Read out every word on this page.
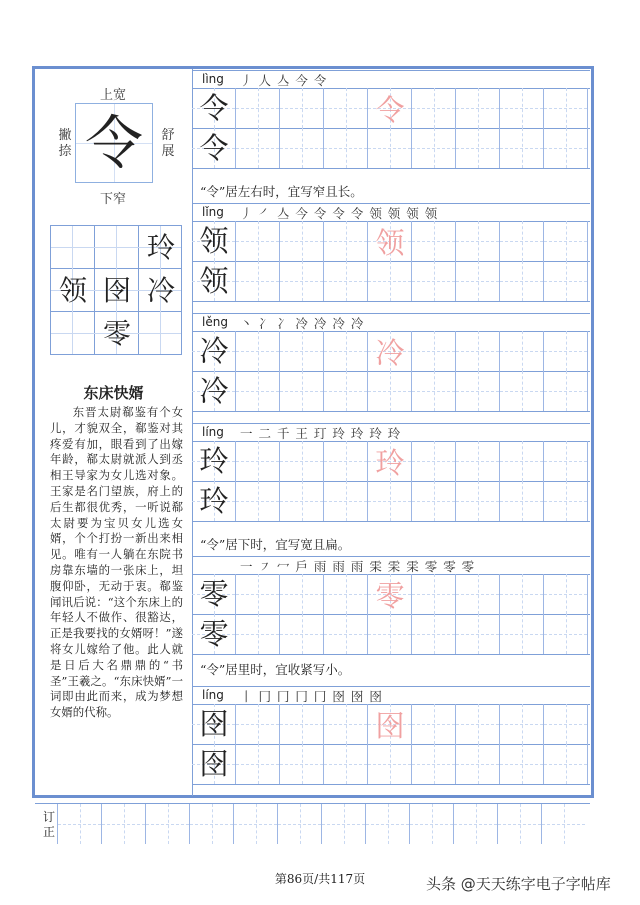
令
上宽
下窄
撇捺
舒展
玲
领 囹 冷
零
东床快婿

东晋太尉郗鉴有个女儿，才貌双全，郗鉴对其疼爱有加，眼看到了出嫁年龄，郗太尉就派人到丞相王导家为女儿选对象。王家是名门望族，府上的后生都很优秀，一听说郗太尉要为宝贝女儿选女婿，个个打扮一新出来相见。唯有一人躺在东院书房靠东墙的一张床上，坦腹仰卧，无动于衷。郗鉴闻讯后说：“这个东床上的年轻人不做作、很豁达，正是我要找的女婿呀！”遂将女儿嫁给了他。此人就是日后大名鼎鼎的“书圣”王羲之。“东床快婿”一词即由此而来，成为梦想女婿的代称。

lìng 丿 人 亼 今 令
令
令
令
“令”居左右时，宜写窄且长。
lǐng 丿 ㇒ 亼 今 令 令 令 领 领 领 领
领
领
领
lěng 丶 冫 冫 冷 冷 冷 冷
冷
冷
冷
líng 一 二 千 王 玎 玲 玲 玲 玲
玲
玲
玲
“令”居下时，宜写宽且扁。
一 ㇇ 冖 戶 雨 雨 雨 雬 雬 雬 零 零 零
零
零
零
“令”居里时，宜收紧写小。
líng 丨 冂 冂 冂 冂 囹 囹 囹
囹
囹
囹
订正
第86页/共117页	头条 @天天练字电子字帖库
